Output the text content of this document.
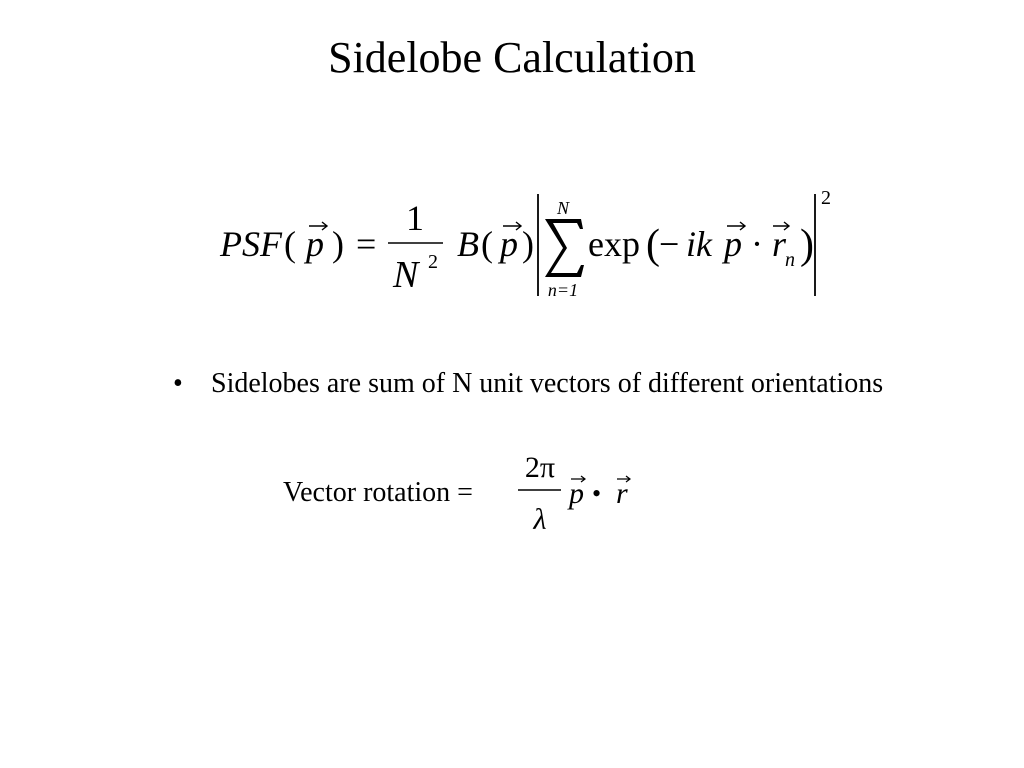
Sidelobe Calculation
PSF ( p ) =
1
N 2 B ( p )
N
n=1
exp ( − ik p · r
n )
2
• Sidelobes are sum of N unit vectors of different orientations
Vector rotation =
2π
λ
p • r
